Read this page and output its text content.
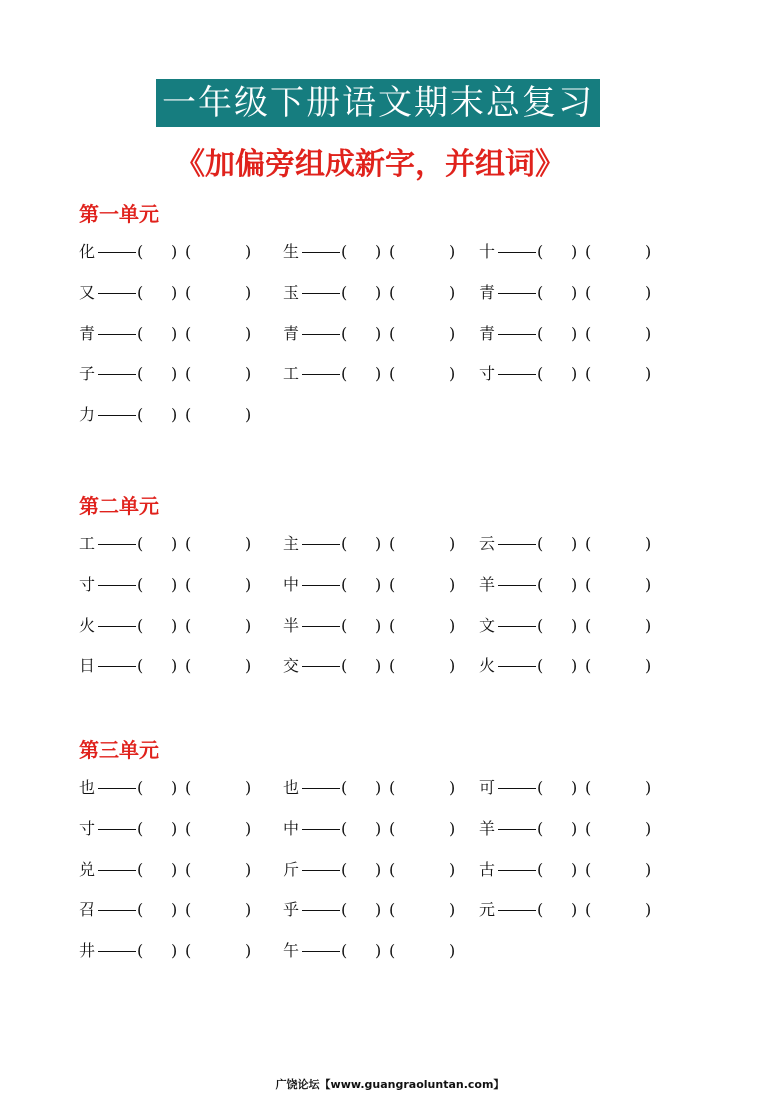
一年级下册语文期末总复习
《加偏旁组成新字，并组词》
第一单元
化	( ) (	) 生	( ) (	) 十	( ) (	)
又	( ) (	) 玉	( ) (	) 青	( ) (	)
青	( ) (	) 青	( ) (	) 青	( ) (	)
子	( ) (	) 工	( ) (	) 寸	( ) (	)
力	( ) (	)
第二单元
工	( ) (	) 主	( ) (	) 云	( ) (	)
寸	( ) (	) 中	( ) (	) 羊	( ) (	)
火	( ) (	) 半	( ) (	) 文	( ) (	)
日	( ) (	) 交	( ) (	) 火	( ) (	)
第三单元
也	( ) (	) 也	( ) (	) 可	( ) (	)
寸	( ) (	) 中	( ) (	) 羊	( ) (	)
兑	( ) (	) 斤	( ) (	) 古	( ) (	)
召	( ) (	) 乎	( ) (	) 元	( ) (	)
井	( ) (	) 午	( ) (	)
广饶论坛【www.guangraoluntan.com】
